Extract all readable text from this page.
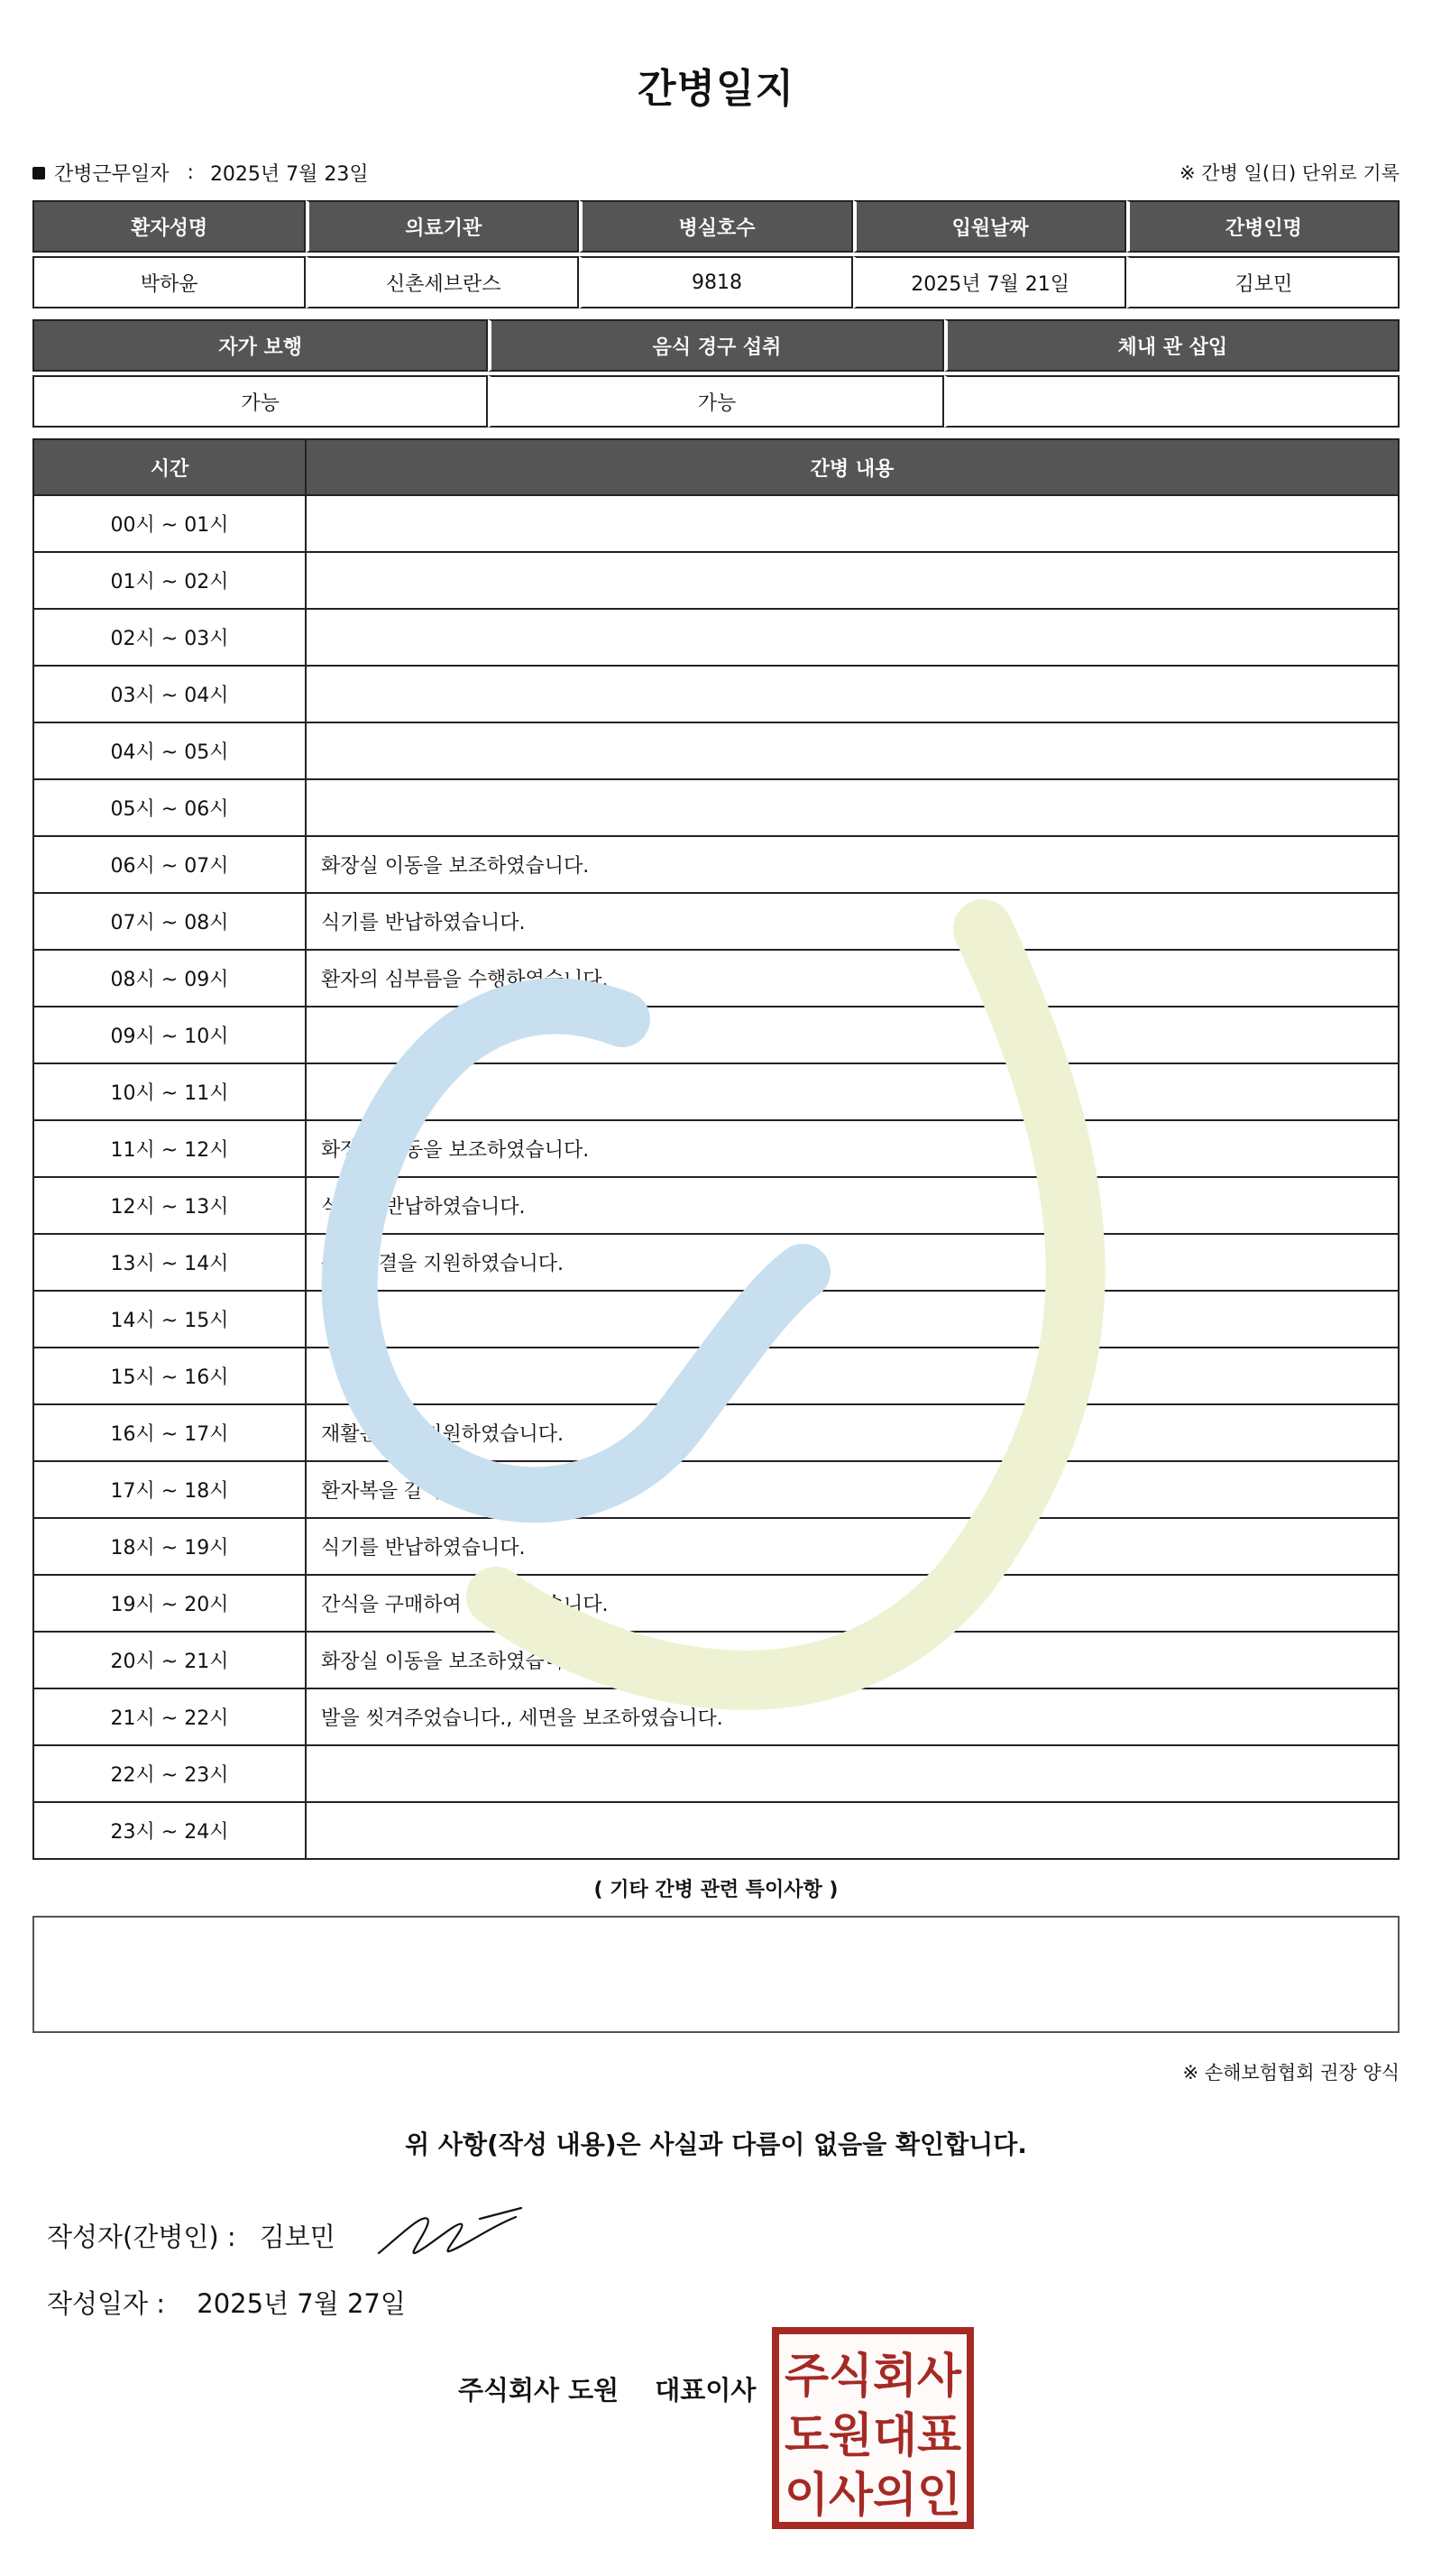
간병일지
간병근무일자 : 2025년 7월 23일	※ 간병 일(日) 단위로 기록
환자성명	의료기관	병실호수	입원날짜	간병인명
박하윤	신촌세브란스	9818	2025년 7월 21일	김보민
자가 보행	음식 경구 섭취	체내 관 삽입
가능	가능	
시간	간병 내용
00시 ~ 01시	
01시 ~ 02시	
02시 ~ 03시	
03시 ~ 04시	
04시 ~ 05시	
05시 ~ 06시	
06시 ~ 07시	화장실 이동을 보조하였습니다.
07시 ~ 08시	식기를 반납하였습니다.
08시 ~ 09시	환자의 심부름을 수행하였습니다.
09시 ~ 10시	
10시 ~ 11시	
11시 ~ 12시	화장실 이동을 보조하였습니다.
12시 ~ 13시	식기를 반납하였습니다.
13시 ~ 14시	구강청결을 지원하였습니다.
14시 ~ 15시	
15시 ~ 16시	
16시 ~ 17시	재활운동을 지원하였습니다.
17시 ~ 18시	환자복을 갈아입혔습니다.
18시 ~ 19시	식기를 반납하였습니다.
19시 ~ 20시	간식을 구매하여 제공하였습니다.
20시 ~ 21시	화장실 이동을 보조하였습니다.
21시 ~ 22시	발을 씻겨주었습니다., 세면을 보조하였습니다.
22시 ~ 23시	
23시 ~ 24시	
( 기타 간병 관련 특이사항 )
※ 손해보험협회 권장 양식
위 사항(작성 내용)은 사실과 다름이 없음을 확인합니다.
작성자(간병인) : 김보민
작성일자 : 2025년 7월 27일
주식회사 도원 대표이사 주식회사
도원대표
이사의인
